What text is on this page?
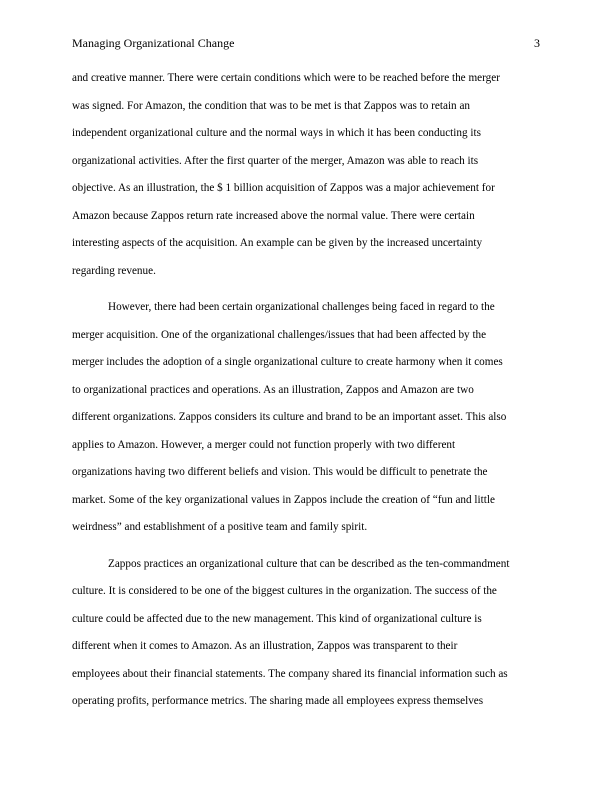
Managing Organizational Change	3
and creative manner. There were certain conditions which were to be reached before the merger
was signed. For Amazon, the condition that was to be met is that Zappos was to retain an
independent organizational culture and the normal ways in which it has been conducting its
organizational activities. After the first quarter of the merger, Amazon was able to reach its
objective. As an illustration, the $ 1 billion acquisition of Zappos was a major achievement for
Amazon because Zappos return rate increased above the normal value. There were certain
interesting aspects of the acquisition. An example can be given by the increased uncertainty
regarding revenue.
However, there had been certain organizational challenges being faced in regard to the
merger acquisition. One of the organizational challenges/issues that had been affected by the
merger includes the adoption of a single organizational culture to create harmony when it comes
to organizational practices and operations. As an illustration, Zappos and Amazon are two
different organizations. Zappos considers its culture and brand to be an important asset. This also
applies to Amazon. However, a merger could not function properly with two different
organizations having two different beliefs and vision. This would be difficult to penetrate the
market. Some of the key organizational values in Zappos include the creation of “fun and little
weirdness” and establishment of a positive team and family spirit.
Zappos practices an organizational culture that can be described as the ten-commandment
culture. It is considered to be one of the biggest cultures in the organization. The success of the
culture could be affected due to the new management. This kind of organizational culture is
different when it comes to Amazon. As an illustration, Zappos was transparent to their
employees about their financial statements. The company shared its financial information such as
operating profits, performance metrics. The sharing made all employees express themselves
